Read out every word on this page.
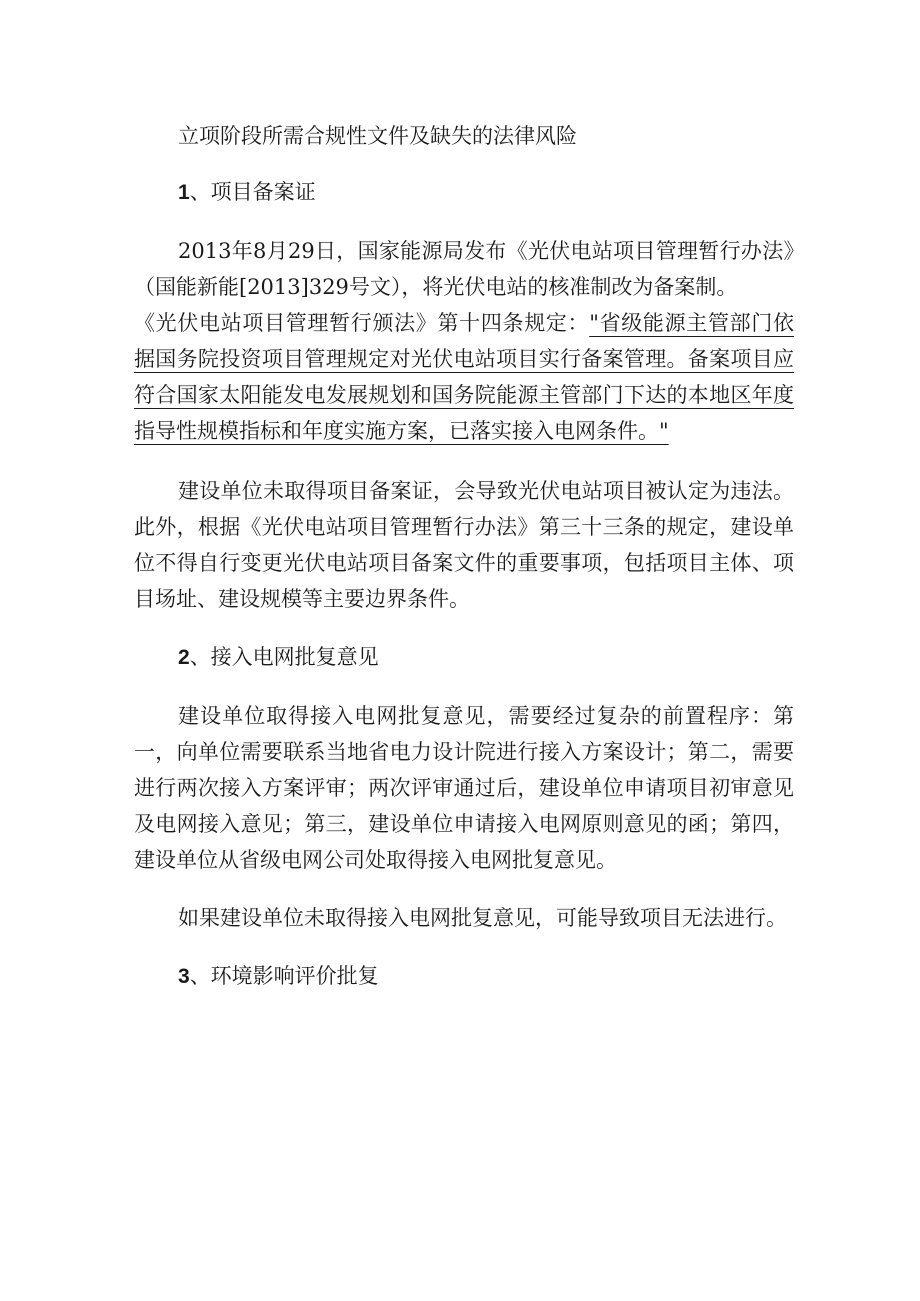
立项阶段所需合规性文件及缺失的法律风险

1、项目备案证

2013年8月29日，国家能源局发布《光伏电站项目管理暂行办法》（国能新能[2013]329号文），将光伏电站的核准制改为备案制。

《光伏电站项目管理暂行颁法》第十四条规定："省级能源主管部门依据国务院投资项目管理规定对光伏电站项目实行备案管理。备案项目应符合国家太阳能发电发展规划和国务院能源主管部门下达的本地区年度指导性规模指标和年度实施方案，已落实接入电网条件。"

建设单位未取得项目备案证，会导致光伏电站项目被认定为违法。此外，根据《光伏电站项目管理暂行办法》第三十三条的规定，建设单位不得自行变更光伏电站项目备案文件的重要事项，包括项目主体、项目场址、建设规模等主要边界条件。

2、接入电网批复意见

建设单位取得接入电网批复意见，需要经过复杂的前置程序：第一，向单位需要联系当地省电力设计院进行接入方案设计；第二，需要进行两次接入方案评审；两次评审通过后，建设单位申请项目初审意见及电网接入意见；第三，建设单位申请接入电网原则意见的函；第四，建设单位从省级电网公司处取得接入电网批复意见。

如果建设单位未取得接入电网批复意见，可能导致项目无法进行。

3、环境影响评价批复
